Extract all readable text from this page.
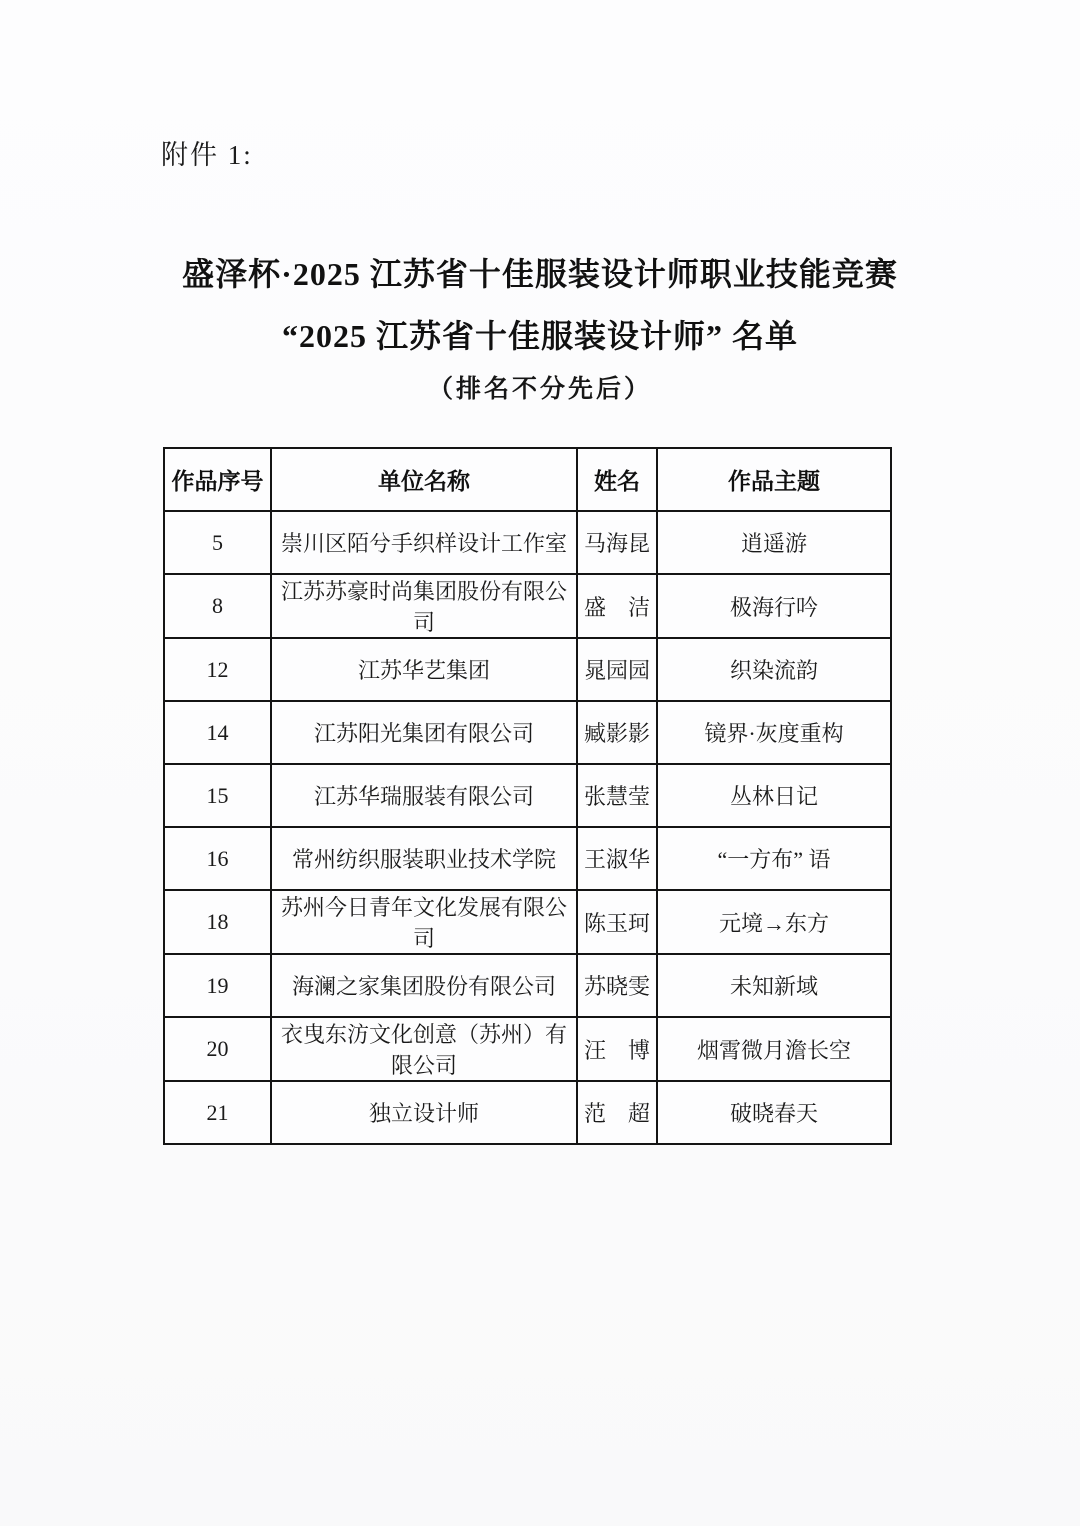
附件 1:
盛泽杯·2025 江苏省十佳服装设计师职业技能竞赛
“2025 江苏省十佳服装设计师” 名单
（排名不分先后）
作品序号	单位名称	姓名	作品主题
5	崇川区陌兮手织样设计工作室	马海昆	逍遥游
8	江苏苏豪时尚集团股份有限公司	盛　洁	极海行吟
12	江苏华艺集团	晁园园	织染流韵
14	江苏阳光集团有限公司	臧影影	镜界·灰度重构
15	江苏华瑞服装有限公司	张慧莹	丛林日记
16	常州纺织服装职业技术学院	王淑华	“一方布” 语
18	苏州今日青年文化发展有限公司	陈玉珂	元境→东方
19	海澜之家集团股份有限公司	苏晓雯	未知新域
20	衣曳东汸文化创意（苏州）有限公司	汪　博	烟霄微月澹长空
21	独立设计师	范　超	破晓春天
